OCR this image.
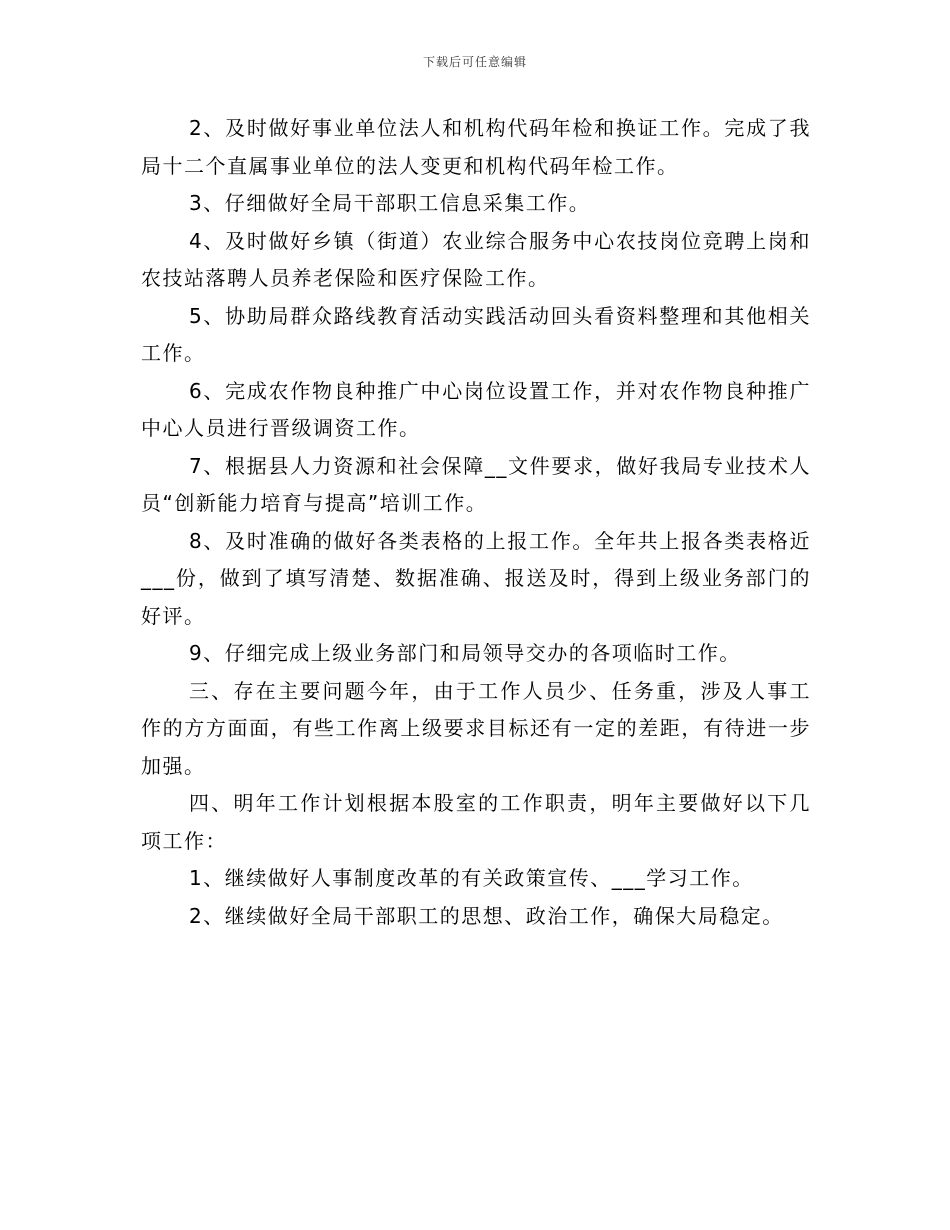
下载后可任意编辑

2、及时做好事业单位法人和机构代码年检和换证工作。完成了我局十二个直属事业单位的法人变更和机构代码年检工作。

3、仔细做好全局干部职工信息采集工作。

4、及时做好乡镇（街道）农业综合服务中心农技岗位竞聘上岗和农技站落聘人员养老保险和医疗保险工作。

5、协助局群众路线教育活动实践活动回头看资料整理和其他相关工作。

6、完成农作物良种推广中心岗位设置工作，并对农作物良种推广中心人员进行晋级调资工作。

7、根据县人力资源和社会保障__文件要求，做好我局专业技术人员“创新能力培育与提高”培训工作。

8、及时准确的做好各类表格的上报工作。全年共上报各类表格近___份，做到了填写清楚、数据准确、报送及时，得到上级业务部门的好评。

9、仔细完成上级业务部门和局领导交办的各项临时工作。

三、存在主要问题今年，由于工作人员少、任务重，涉及人事工作的方方面面，有些工作离上级要求目标还有一定的差距，有待进一步加强。

四、明年工作计划根据本股室的工作职责，明年主要做好以下几项工作：

1、继续做好人事制度改革的有关政策宣传、___学习工作。

2、继续做好全局干部职工的思想、政治工作，确保大局稳定。
